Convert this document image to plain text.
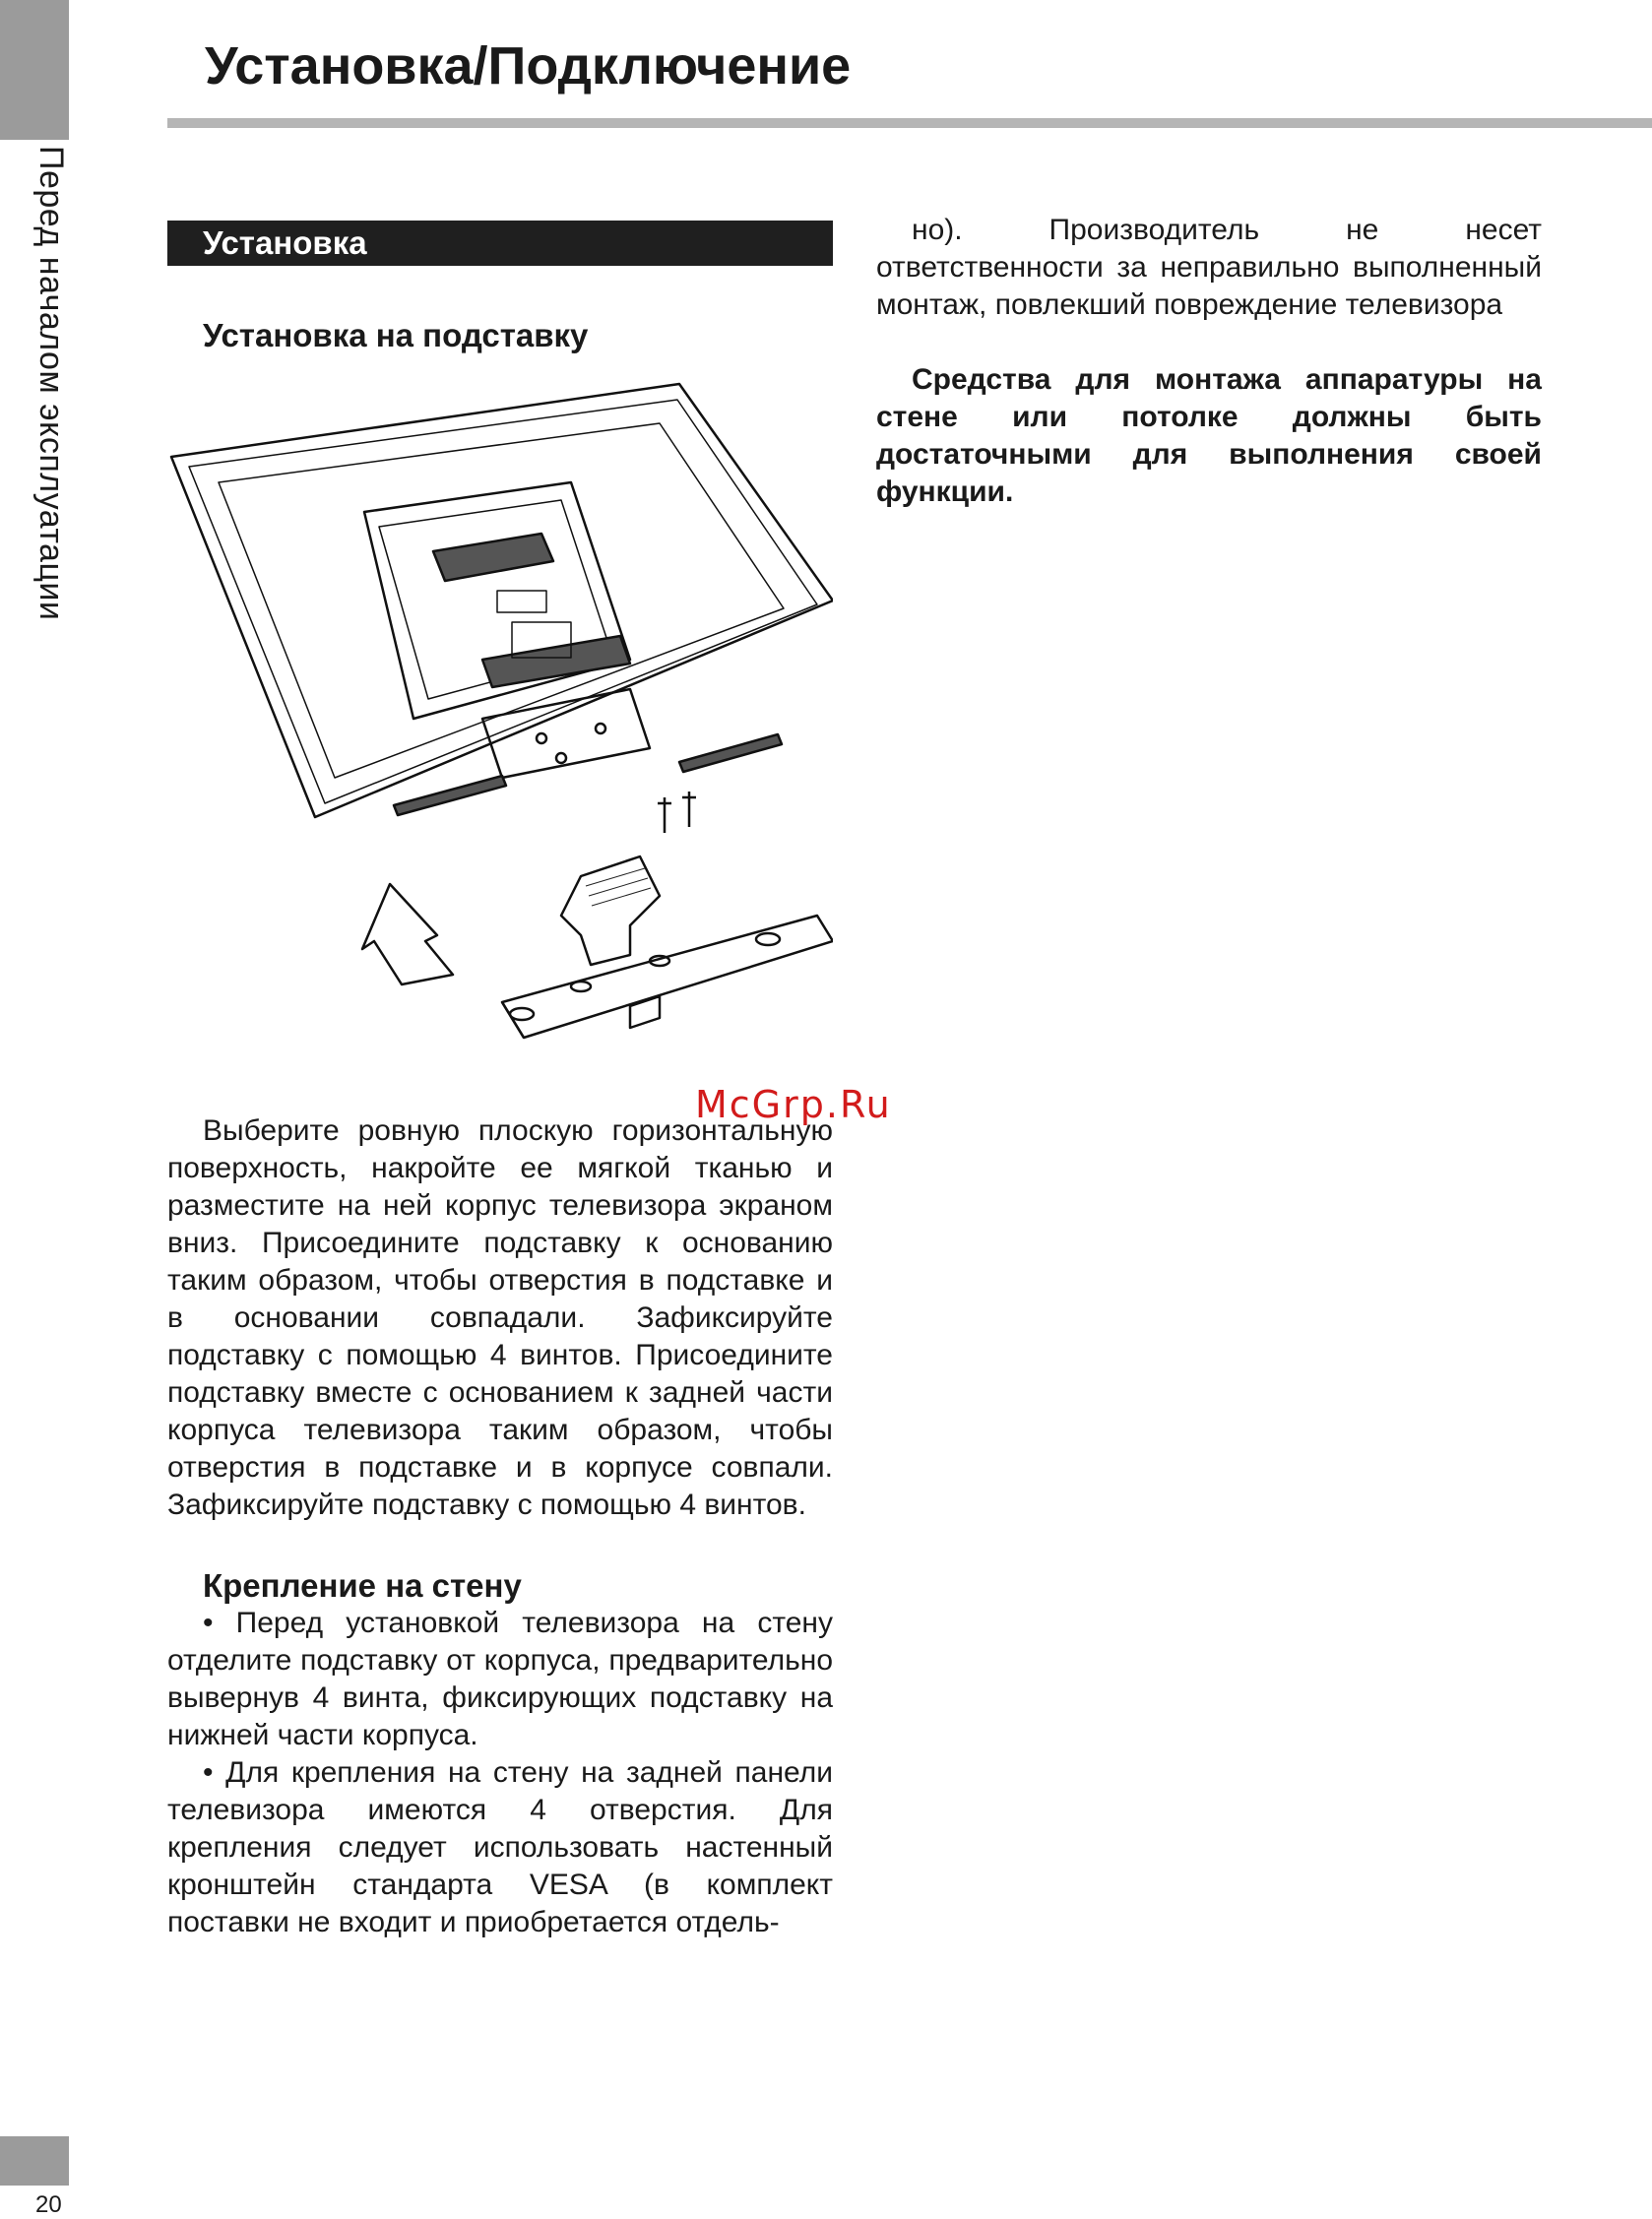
Перед началом эксплуатации
20
Установка/Подключение
Установка
Установка на подставку

Выберите ровную плоскую горизонтальную поверхность, накройте ее мягкой тканью и разместите на ней корпус телевизора экраном вниз. Присоедините подставку к основанию таким образом, чтобы отверстия в подставке и в основании совпадали. Зафиксируйте подставку с помощью 4 винтов. Присоедините подставку вместе с основанием к задней части корпуса телевизора таким образом, чтобы отверстия в подставке и в корпусе совпали. Зафиксируйте подставку с помощью 4 винтов.

Крепление на стену

• Перед установкой телевизора на стену отделите подставку от корпуса, предварительно вывернув 4 винта, фиксирующих подставку на нижней части корпуса.

• Для крепления на стену на задней панели телевизора имеются 4 отверстия. Для крепления следует использовать настенный кронштейн стандарта VESA (в комплект поставки не входит и приобретается отдель-

но). Производитель не несет ответственности за неправильно выполненный монтаж, повлекший повреждение телевизора

Средства для монтажа аппаратуры на стене или потолке должны быть достаточными для выполнения своей функции.

McGrp.Ru
